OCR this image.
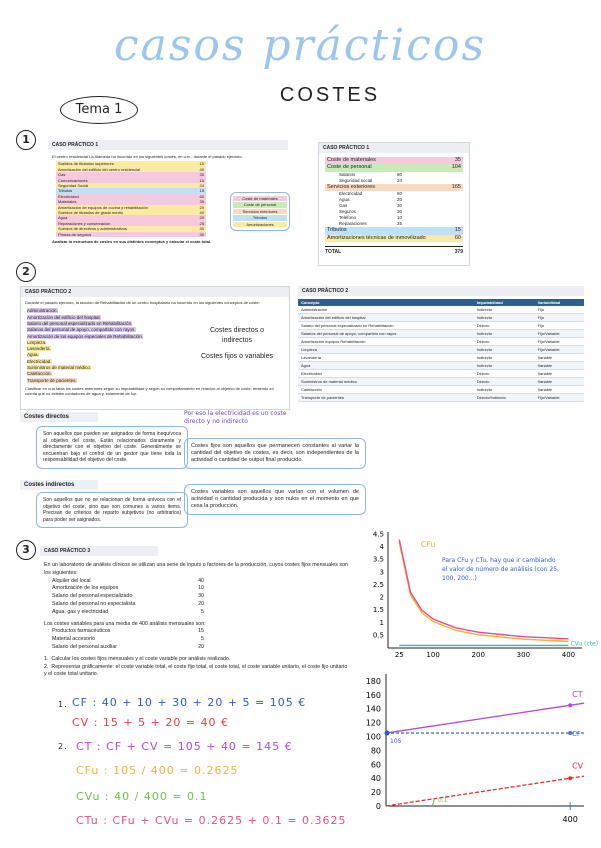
casos prácticos
COSTES
Tema 1
1	CASO PRÁCTICO 1
El centro residencial La Alameda ha incurrido en los siguientes costes, en u.m., durante el pasado ejercicio:
Sueldos de titulados superiores	15
Amortización del edificio del centro residencial	40
Gas	30
Comunicaciones	15
Seguridad Social	24
Tributos	15
Electricidad	60
Materiales	35
Amortización de equipos de cocina y rehabilitación	20
Sueldos de titulados de grado medio	40
Agua	20
Reparaciones y conservación	25
Sueldos de directivos y administrativos	30
Primas de seguros	30
Analizar la estructura de costes en sus distintos conceptos y calcular el coste total.
Coste de materiales
Coste de personal
Servicios exteriores
Tributos
Amortizaciones
CASO PRÁCTICO 1
Coste de materiales	35
Coste de personal	104
Salarios	80
Seguridad social	24
Servicios exteriores	165
Electricidad	60
Agua	20
Gas	30
Seguros	30
Teléfono	10
Reparaciones	25
Tributos	15
Amortizaciones técnicas de inmovilizado	60
TOTAL	379
2
CASO PRÁCTICO 2
Durante el pasado ejercicio, la sección de Rehabilitación de un centro hospitalario ha incurrido en los siguientes conceptos de coste:
Administración.
Amortización del edificio del hospital.
Salario del personal especializado en Rehabilitación.
Salarios del personal de apoyo, compartido con rayos.
Amortización de los equipos especiales de Rehabilitación.
Limpieza.
Lavandería.
Agua.
Electricidad.
Suministros de material médico.
Calefacción.
Transporte de pacientes.
Clasificar en una tabla los costes anteriores según su imputabilidad y según su comportamiento en relación al objetivo de coste, teniendo en cuenta que no existen contadores de agua y, solamente de luz.
Costes directos o indirectos
Costes fijos o variables
CASO PRÁCTICO 2
Concepto	Imputabilidad	Variabilidad
Administración	Indirecto	Fijo
Amortización del edificio del hospital	Indirecto	Fijo
Salario del personal especializado en Rehabilitación	Directo	Fijo
Salarios del personal de apoyo, compartido con rayos	Indirecto	Fijo/Variable
Amortización equipos Rehabilitación	Directo	Fijo/Variable
Limpieza	Indirecto	Fijo/Variable
Lavandería	Indirecto	Variable
Agua	Indirecto	Variable
Electricidad	Directo	Variable
Suministros de material médico	Directo	Variable
Calefacción	Indirecto	Variable
Transporte de pacientes	Directo/Indirecto	Fijo/Variable
Por eso la electricidad es un coste directo y no indirecto
Costes directos
Son aquellos que pueden ser asignados de forma inequívoca al objetivo del coste. Están relacionados claramente y directamente con el objetivo del coste. Generalmente se encuentran bajo el control de un gestor que tiene toda la responsabilidad del objetivo del coste.
Costes indirectos
Son aquellos que no se relacionan de forma unívoca con el objetivo del coste, sino que son comunes a varios items. Precisan de criterios de reparto subjetivos (no arbitrarios) para poder ser asignados.
Costes fijos son aquellos que permanecen constantes al variar la cantidad del objetivo de costes, es decir, son independientes de la actividad o cantidad de output final producido.
Costes variables son aquellos que varían con el volumen de actividad o cantidad producida y son nulos en el momento en que cesa la producción.
3	CASO PRÁCTICO 3
En un laboratorio de análisis clínicos se utilizan una serie de inputs o factores de la producción, cuyos costes fijos mensuales son los siguientes:
Alquiler del local	40
Amortización de los equipos	10
Salario del personal especializado	30
Salario del personal no especialista	20
Agua, gas y electricidad	5
Los costes variables para una media de 400 análisis mensuales son:
Productos farmacéuticos	15
Material accesorio	5
Salario del personal auxiliar	20
1.  Calcular los costes fijos mensuales y el coste variable por análisis realizado.
2.  Representar gráficamente: el coste variable total, el coste fijo total, el coste total, el coste variable unitario, el coste fijo unitario y el coste total unitario.
1. CF : 40 + 10 + 30 + 20 + 5 = 105 €
CV : 15 + 5 + 20 = 40 €
2. CT : CF + CV = 105 + 40 = 145 €
CFu : 105 / 400 = 0.2625
CVu : 40 / 400 = 0.1
CTu : CFu + CVu = 0.2625 + 0.1 = 0.3625
0.5
1
1.5
2
2.5
3
3.5
4
4.5
25	100	200	300	400
CFu
CVu (cte)
Para CFu y CTu, hay que ir cambiando el valor de número de análisis (con 25, 100, 200...)
0
20
40
60
80
100
120
140
160
180
400
105
CT
CF
CV
0.1
